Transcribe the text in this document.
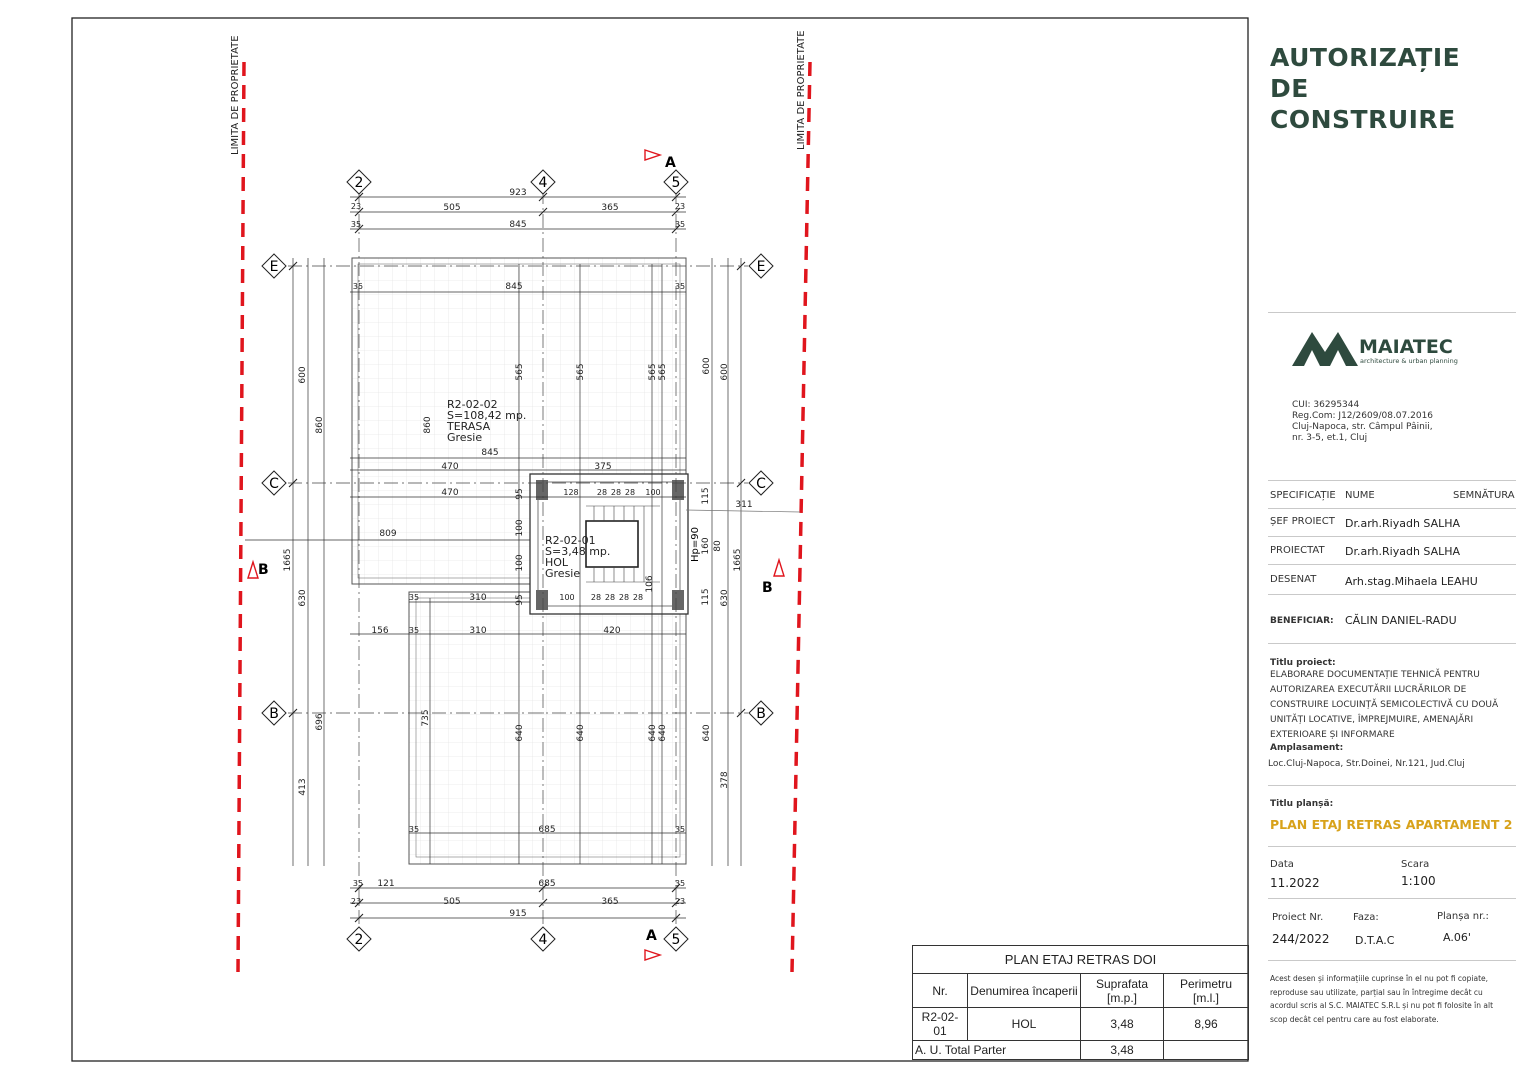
LIMITA DE PROPRIETATE	LIMITA DE PROPRIETATE
2	4	5
2	4	5
E
C
B
E
C
B
A
A
B
B
R2-02-02
S=108,42 mp.
TERASA
Gresie
R2-02-01
S=3,48 mp.
HOL
Gresie
Hp=90
923
505	365
23	23
845
35	35
845
845
470	375
470
809
310
310	420
156
685
685
121
505	365
23	23
915
311
600
860	860
565	565	565 565	600 600
1665
630	630
1665
696	735
640	640	640 640	640
413	378
100
100
95
95
115
115
160 80
106
128
100
100
28 28 28
28 28 28 28
35	35
35
35
35	35
35	35
AUTORIZAȚIE
DE
CONSTRUIRE
MAIATEC
architecture & urban planning
CUI: 36295344
Reg.Com: J12/2609/08.07.2016
Cluj-Napoca, str. Câmpul Pâinii,
nr. 3-5, et.1, Cluj
SPECIFICAȚIE NUME	SEMNĂTURA
ȘEF PROIECT Dr.arh.Riyadh SALHA
PROIECTAT Dr.arh.Riyadh SALHA
DESENAT	Arh.stag.Mihaela LEAHU
BENEFICIAR: CĂLIN DANIEL-RADU
Titlu proiect:
ELABORARE DOCUMENTAȚIE TEHNICĂ PENTRU
AUTORIZAREA EXECUTĂRII LUCRĂRILOR DE
CONSTRUIRE LOCUINȚĂ SEMICOLECTIVĂ CU DOUĂ
UNITĂȚI LOCATIVE, ÎMPREJMUIRE, AMENAJĂRI
EXTERIOARE ȘI INFORMARE
Amplasament:
Loc.Cluj-Napoca, Str.Doinei, Nr.121, Jud.Cluj
Titlu planșă:
PLAN ETAJ RETRAS APARTAMENT 2
Data
11.2022
Scara
1:100
Proiect Nr.
244/2022
Faza:
D.T.A.C
Planșa nr.:
A.06'
Acest desen și informațiile cuprinse în el nu pot fi copiate,
reproduse sau utilizate, parțial sau în întregime decât cu
acordul scris al S.C. MAIATEC S.R.L și nu pot fi folosite în alt
scop decât cel pentru care au fost elaborate.
PLAN ETAJ RETRAS DOI			
Nr.	Denumirea încaperii	Suprafata [m.p.]	Perimetru [m.l.]
R2-02-01	HOL	3,48	8,96
A. U. Total Parter		3,48	
